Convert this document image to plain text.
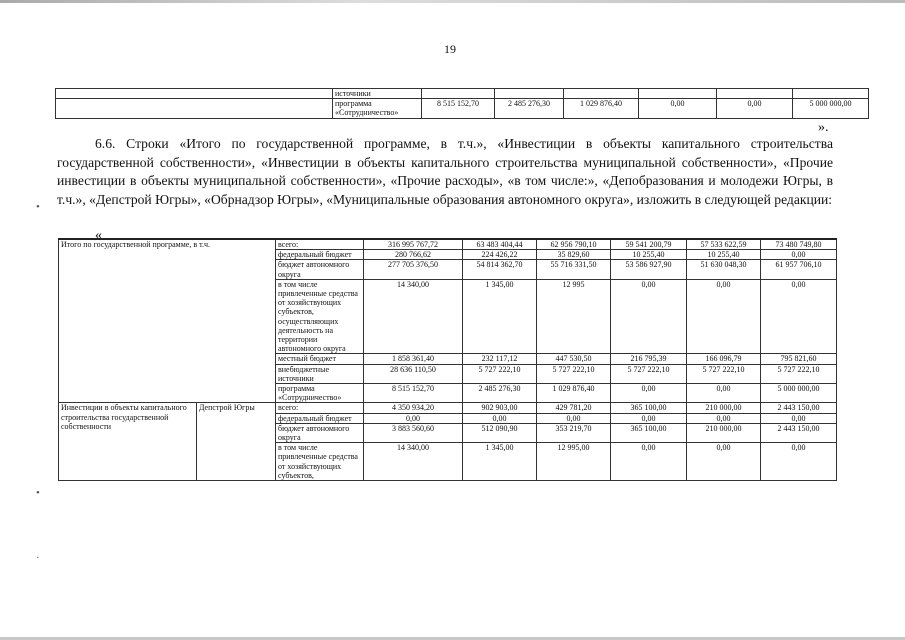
19
	источники						
	программа «Сотрудничество»	8 515 152,70	2 485 276,30	1 029 876,40	0,00	0,00	5 000 000,00
».
6.6. Строки «Итого по государственной программе, в т.ч.», «Инвестиции в объекты капитального строительства государственной собственности», «Инвестиции в объекты капитального строительства муниципальной собственности», «Прочие инвестиции в объекты муниципальной собственности», «Прочие расходы», «в том числе:», «Депобразования и молодежи Югры, в т.ч.», «Депстрой Югры», «Обрнадзор Югры», «Муниципальные образования автономного округа», изложить в следующей редакции:
•
•
·
«
Итого по государственной программе, в т.ч.		всего:	316 995 767,72	63 483 404,44	62 956 790,10	59 541 200,79	57 533 622,59	73 480 749,80
		федеральный бюджет	280 766,62	224 426,22	35 829,60	10 255,40	10 255,40	0,00
		бюджет автономного округа	277 705 376,50	54 814 362,70	55 716 331,50	53 586 927,90	51 630 048,30	61 957 706,10
		в том числе привлеченные средства от хозяйствующих субъектов, осуществляющих деятельность на территории автономного округа	14 340,00	1 345,00	12 995	0,00	0,00	0,00
		местный бюджет	1 858 361,40	232 117,12	447 530,50	216 795,39	166 096,79	795 821,60
		внебюджетные источники	28 636 110,50	5 727 222,10	5 727 222,10	5 727 222,10	5 727 222,10	5 727 222,10
		программа «Сотрудничество»	8 515 152,70	2 485 276,30	1 029 876,40	0,00	0,00	5 000 000,00
Инвестиции в объекты капитального строительства государственной собственности	Депстрой Югры	всего:	4 350 934,20	902 903,00	429 781,20	365 100,00	210 000,00	2 443 150,00
		федеральный бюджет	0,00	0,00	0,00	0,00	0,00	0,00
		бюджет автономного округа	3 883 560,60	512 090,90	353 219,70	365 100,00	210 000,00	2 443 150,00
		в том числе привлеченные средства от хозяйствующих субъектов,	14 340,00	1 345,00	12 995,00	0,00	0,00	0,00
